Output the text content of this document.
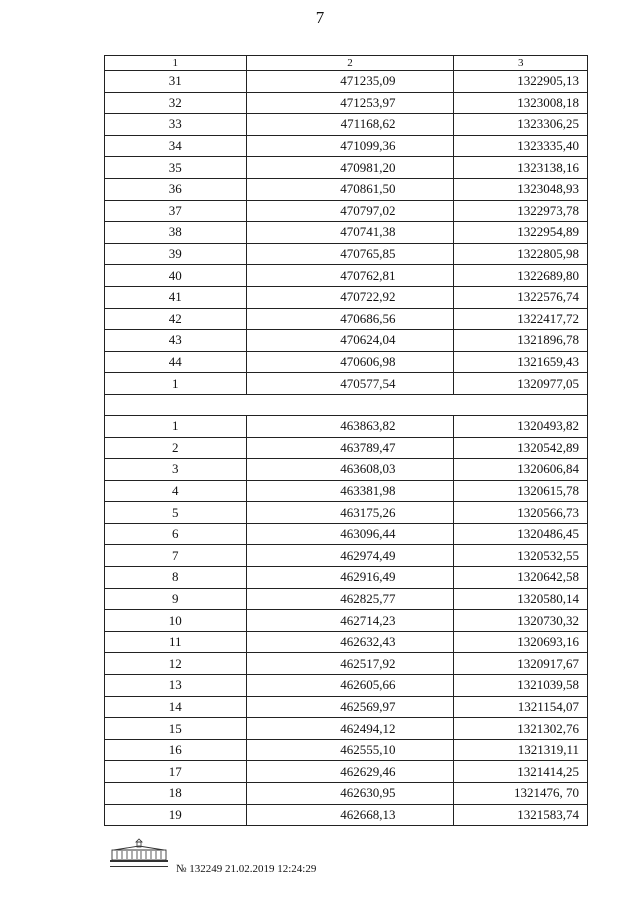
7
1	2	3
31	471235,09	1322905,13
32	471253,97	1323008,18
33	471168,62	1323306,25
34	471099,36	1323335,40
35	470981,20	1323138,16
36	470861,50	1323048,93
37	470797,02	1322973,78
38	470741,38	1322954,89
39	470765,85	1322805,98
40	470762,81	1322689,80
41	470722,92	1322576,74
42	470686,56	1322417,72
43	470624,04	1321896,78
44	470606,98	1321659,43
1	470577,54	1320977,05

1	463863,82	1320493,82
2	463789,47	1320542,89
3	463608,03	1320606,84
4	463381,98	1320615,78
5	463175,26	1320566,73
6	463096,44	1320486,45
7	462974,49	1320532,55
8	462916,49	1320642,58
9	462825,77	1320580,14
10	462714,23	1320730,32
11	462632,43	1320693,16
12	462517,92	1320917,67
13	462605,66	1321039,58
14	462569,97	1321154,07
15	462494,12	1321302,76
16	462555,10	1321319,11
17	462629,46	1321414,25
18	462630,95	1321476, 70
19	462668,13	1321583,74
№ 132249 21.02.2019 12:24:29
